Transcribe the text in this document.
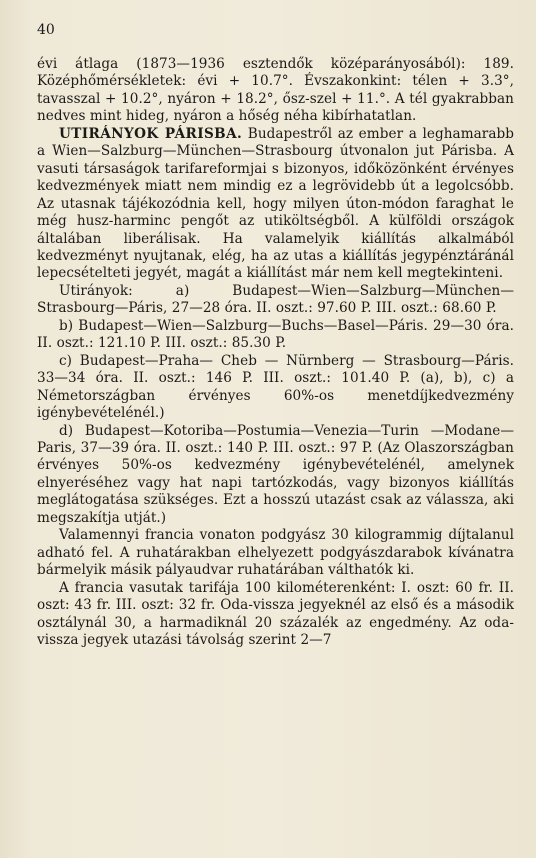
40

évi átlaga (1873—1936 esztendők középarányosából): 189. Középhőmérsékletek: évi + 10.7°. Évszakonkint: télen + 3.3°, tavasszal + 10.2°, nyáron + 18.2°, ősz-szel + 11.°. A tél gyakrabban nedves mint hideg, nyáron a hőség néha kibírhatatlan.

UTIRÁNYOK PÁRISBA. Budapestről az ember a leghamarabb a Wien—Salzburg—München—Strasbourg útvonalon jut Párisba. A vasuti társaságok tarifareformjai s bizonyos, időközönként érvényes kedvezmények miatt nem mindig ez a legrövidebb út a legolcsóbb. Az utasnak tájékozódnia kell, hogy milyen úton-módon faraghat le még husz-harminc pengőt az utiköltségből. A külföldi országok általában liberálisak. Ha valamelyik kiállítás alkalmából kedvezményt nyujtanak, elég, ha az utas a kiállítás jegypénztáránál lepecsételteti jegyét, magát a kiállítást már nem kell megtekinteni.

Utirányok: a) Budapest—Wien—Salzburg—München—Strasbourg—Páris, 27—28 óra. II. oszt.: 97.60 P. III. oszt.: 68.60 P.

b) Budapest—Wien—Salzburg—Buchs—Basel—Páris. 29—30 óra. II. oszt.: 121.10 P. III. oszt.: 85.30 P.

c) Budapest—Praha— Cheb — Nürnberg — Strasbourg—Páris. 33—34 óra. II. oszt.: 146 P. III. oszt.: 101.40 P. (a), b), c) a Németországban érvényes 60%-os menetdíjkedvezmény igénybevételénél.)

d) Budapest—Kotoriba—Postumia—Venezia—Turin —Modane—Paris, 37—39 óra. II. oszt.: 140 P. III. oszt.: 97 P. (Az Olaszországban érvényes 50%-os kedvezmény igénybevételénél, amelynek elnyeréséhez vagy hat napi tartózkodás, vagy bizonyos kiállítás meglátogatása szükséges. Ezt a hosszú utazást csak az válassza, aki megszakítja utját.)

Valamennyi francia vonaton podgyász 30 kilogrammig díjtalanul adható fel. A ruhatárakban elhelyezett podgyászdarabok kívánatra bármelyik másik pályaudvar ruhatárában válthatók ki.

A francia vasutak tarifája 100 kilométerenként: I. oszt: 60 fr. II. oszt: 43 fr. III. oszt: 32 fr. Oda-vissza jegyeknél az első és a második osztálynál 30, a harmadiknál 20 százalék az engedmény. Az oda-vissza jegyek utazási távolság szerint 2—7
